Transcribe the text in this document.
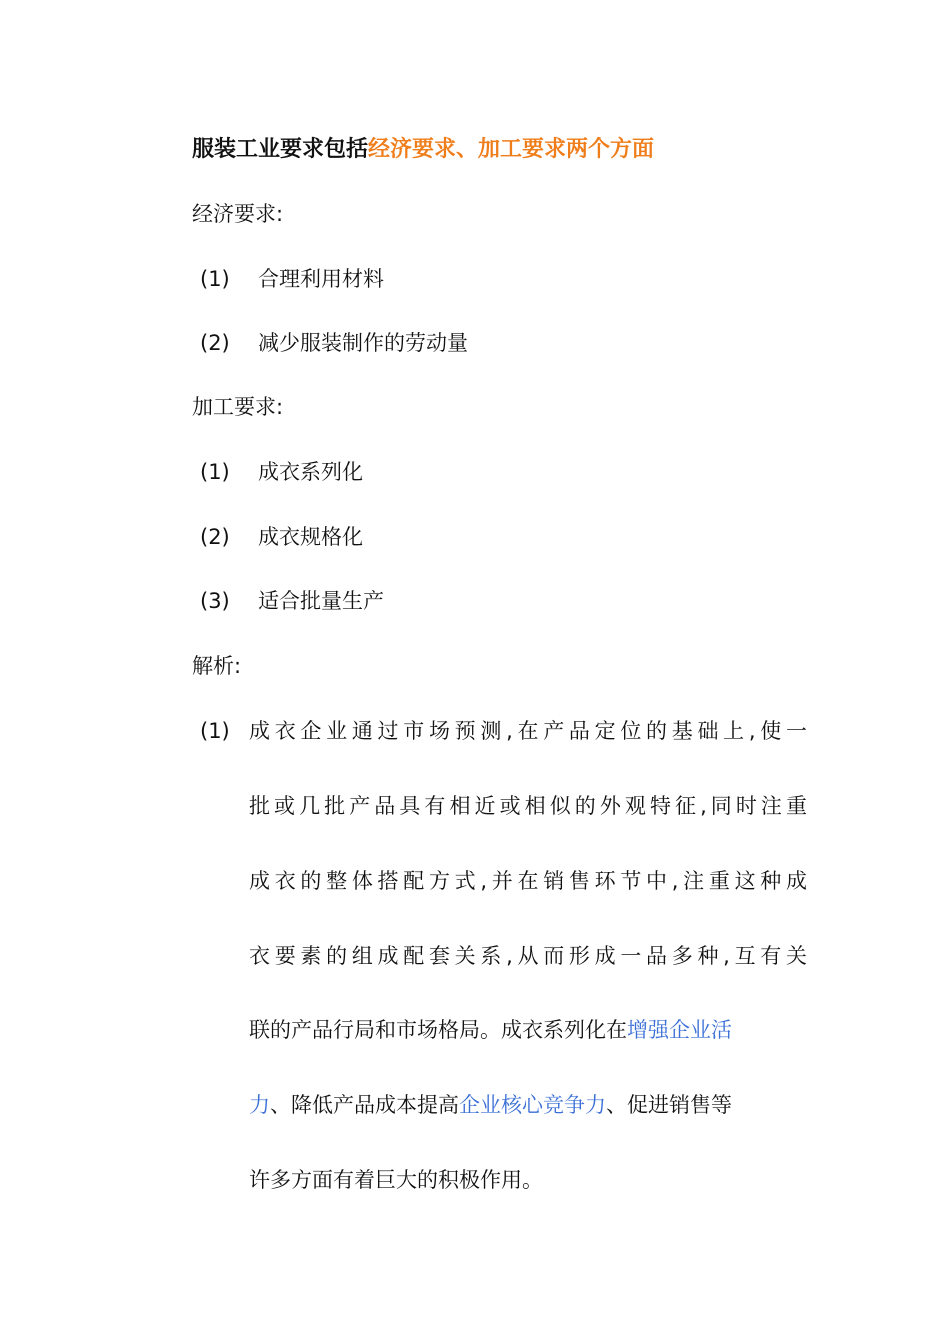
服装工业要求包括经济要求、加工要求两个方面
经济要求:
(1) 合理利用材料
(2) 减少服装制作的劳动量
加工要求:
(1) 成衣系列化
(2) 成衣规格化
(3) 适合批量生产
解析:
(1) 成衣企业通过市场预测,在产品定位的基础上,使一
批或几批产品具有相近或相似的外观特征,同时注重
成衣的整体搭配方式,并在销售环节中,注重这种成
衣要素的组成配套关系,从而形成一品多种,互有关
联的产品行局和市场格局。成衣系列化在增强企业活
力、降低产品成本提高企业核心竞争力、促进销售等
许多方面有着巨大的积极作用。
